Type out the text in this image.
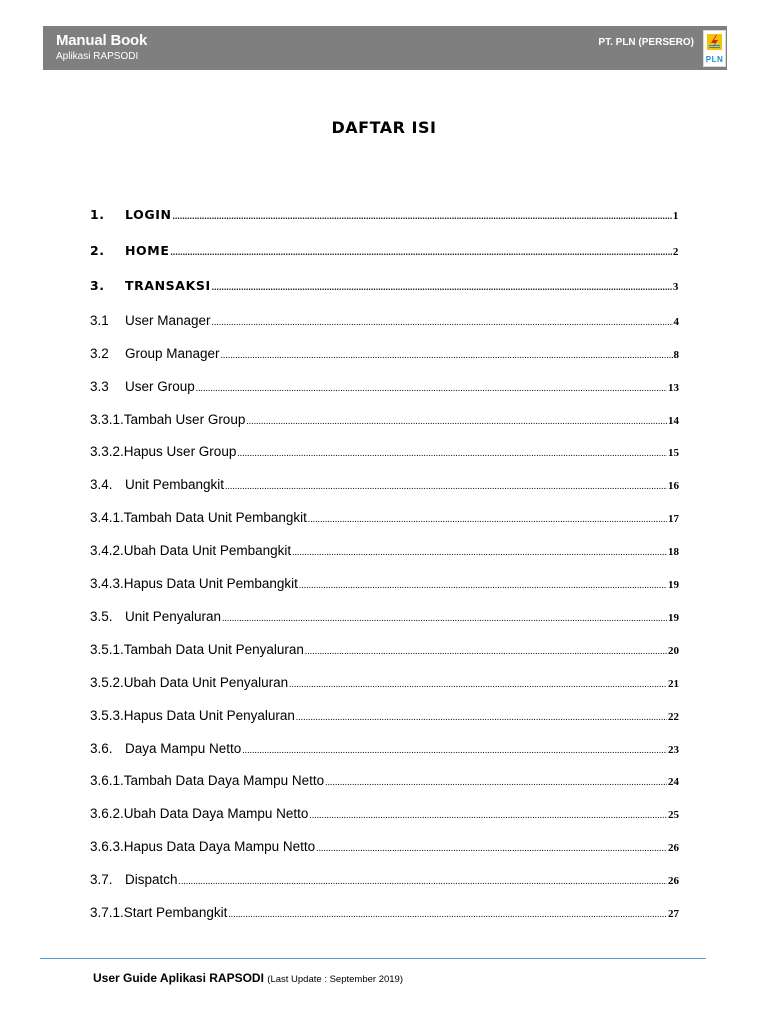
Manual Book
Aplikasi RAPSODI
PT. PLN (PERSERO)
PLN
DAFTAR ISI
1.	LOGIN .....	1
2.	HOME .....	2
3.	TRANSAKSI .....	3
3.1	User Manager .....	4
3.2	Group Manager .....	8
3.3	User Group .....	13
3.3.1. Tambah User Group .....	14
3.3.2. Hapus User Group .....	15
3.4. Unit Pembangkit .....	16
3.4.1. Tambah Data Unit Pembangkit .....	17
3.4.2. Ubah Data Unit Pembangkit .....	18
3.4.3. Hapus Data Unit Pembangkit .....	19
3.5. Unit Penyaluran .....	19
3.5.1. Tambah Data Unit Penyaluran .....	20
3.5.2. Ubah Data Unit Penyaluran .....	21
3.5.3. Hapus Data Unit Penyaluran .....	22
3.6. Daya Mampu Netto .....	23
3.6.1. Tambah Data Daya Mampu Netto .....	24
3.6.2. Ubah Data Daya Mampu Netto .....	25
3.6.3. Hapus Data Daya Mampu Netto .....	26
3.7. Dispatch .....	26
3.7.1. Start Pembangkit .....	27
User Guide Aplikasi RAPSODI (Last Update : September 2019)
